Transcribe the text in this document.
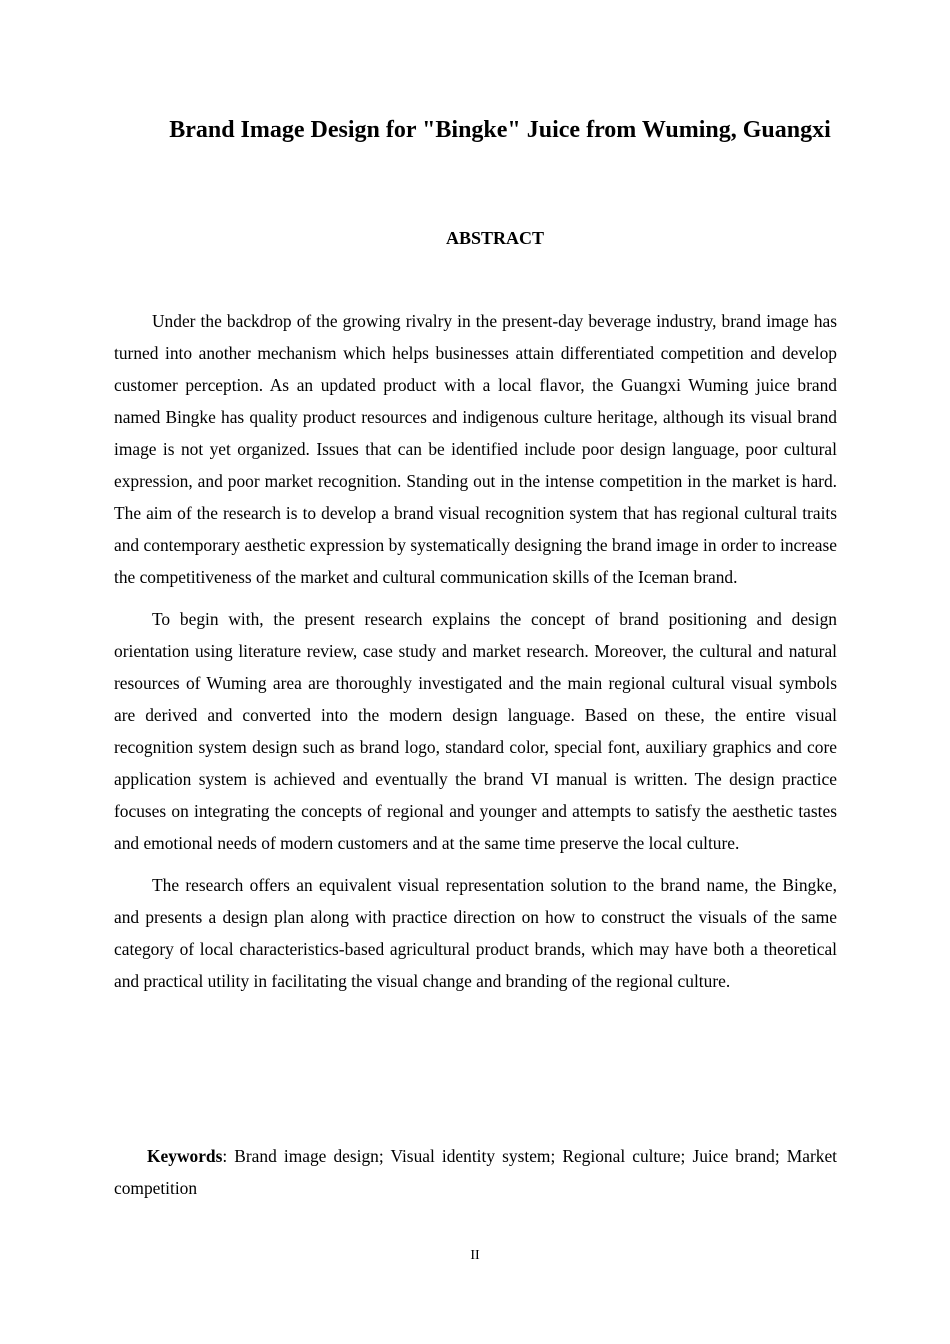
Brand Image Design for "Bingke" Juice from Wuming, Guangxi
ABSTRACT

Under the backdrop of the growing rivalry in the present-day beverage industry, brand image has turned into another mechanism which helps businesses attain differentiated competition and develop customer perception. As an updated product with a local flavor, the Guangxi Wuming juice brand named Bingke has quality product resources and indigenous culture heritage, although its visual brand image is not yet organized. Issues that can be identified include poor design language, poor cultural expression, and poor market recognition. Standing out in the intense competition in the market is hard. The aim of the research is to develop a brand visual recognition system that has regional cultural traits and contemporary aesthetic expression by systematically designing the brand image in order to increase the competitiveness of the market and cultural communication skills of the Iceman brand.

To begin with, the present research explains the concept of brand positioning and design orientation using literature review, case study and market research. Moreover, the cultural and natural resources of Wuming area are thoroughly investigated and the main regional cultural visual symbols are derived and converted into the modern design language. Based on these, the entire visual recognition system design such as brand logo, standard color, special font, auxiliary graphics and core application system is achieved and eventually the brand VI manual is written. The design practice focuses on integrating the concepts of regional and younger and attempts to satisfy the aesthetic tastes and emotional needs of modern customers and at the same time preserve the local culture.

The research offers an equivalent visual representation solution to the brand name, the Bingke, and presents a design plan along with practice direction on how to construct the visuals of the same category of local characteristics-based agricultural product brands, which may have both a theoretical and practical utility in facilitating the visual change and branding of the regional culture.

Keywords: Brand image design; Visual identity system; Regional culture; Juice brand; Market competition

II
